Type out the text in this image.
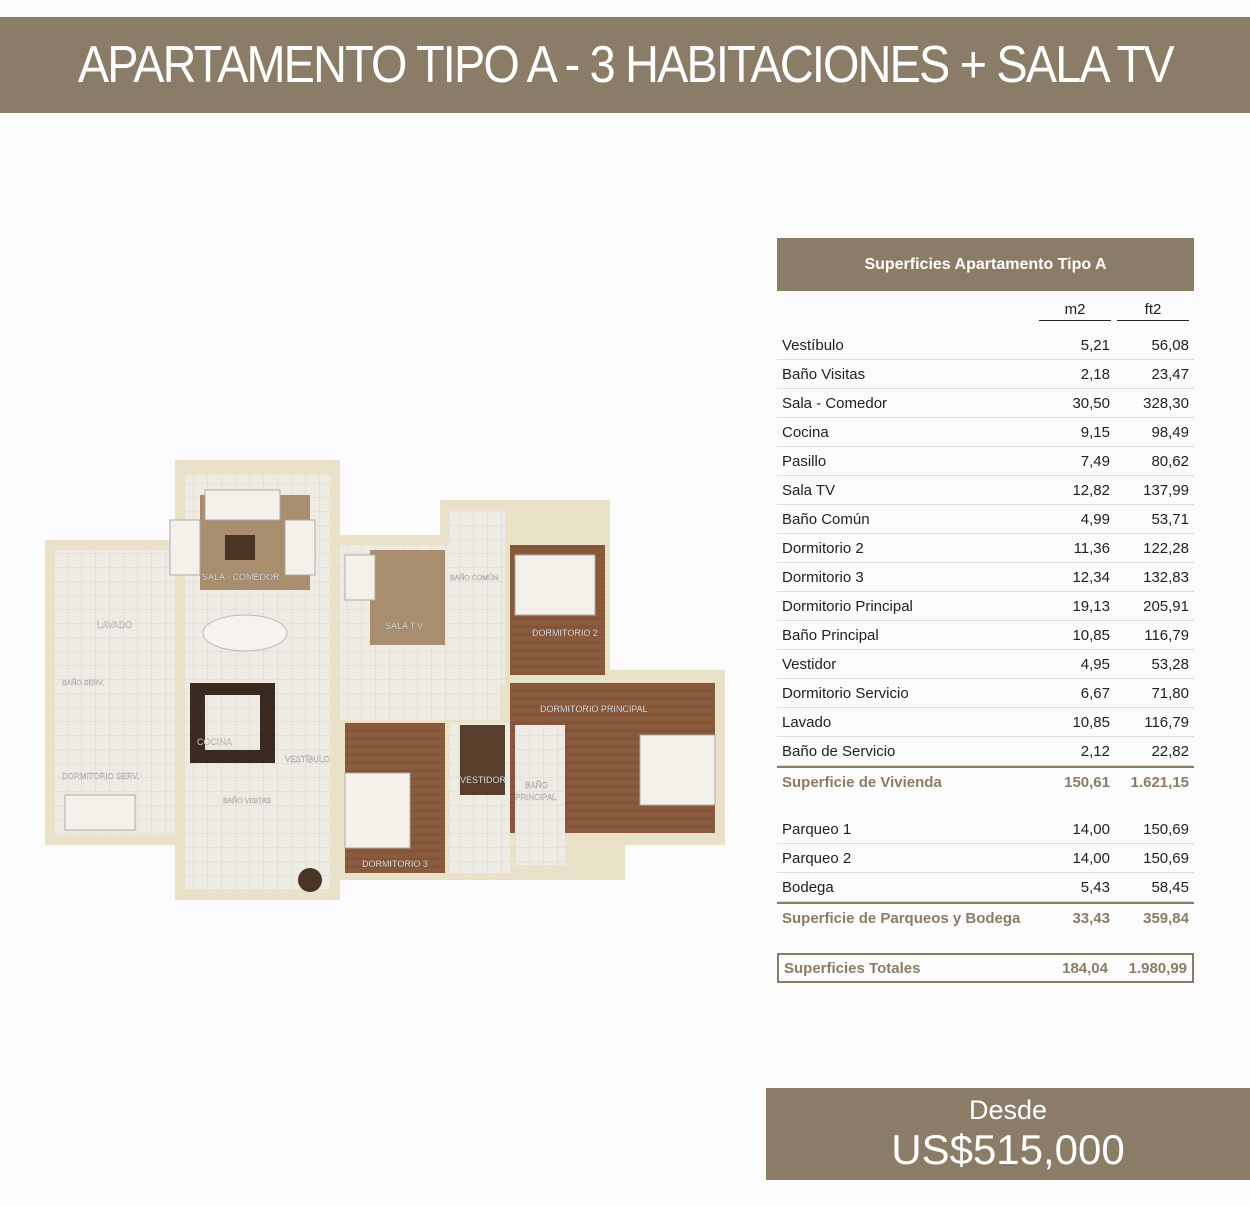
APARTAMENTO TIPO A - 3 HABITACIONES + SALA TV
SALA - COMEDOR
LAVADO
BAÑO SERV.
COCINA
DORMITORIO SERV.
BAÑO VISITAS
VESTÍBULO
SALA T.V
BAÑO COMÚN
DORMITORIO 2
DORMITORIO PRINCIPAL
DORMITORIO 3
VESTIDOR
BAÑO
PRINCIPAL
Superficies Apartamento Tipo A
m2	ft2
Vestíbulo	5,21	56,08
Baño Visitas	2,18	23,47
Sala - Comedor	30,50 328,30
Cocina	9,15	98,49
Pasillo	7,49	80,62
Sala TV	12,82 137,99
Baño Común	4,99	53,71
Dormitorio 2	11,36 122,28
Dormitorio 3	12,34 132,83
Dormitorio Principal	19,13 205,91
Baño Principal	10,85 116,79
Vestidor	4,95	53,28
Dormitorio Servicio	6,67	71,80
Lavado	10,85 116,79
Baño de Servicio	2,12	22,82
Superficie de Vivienda	150,61 1.621,15
Parqueo 1	14,00 150,69
Parqueo 2	14,00 150,69
Bodega	5,43	58,45
Superficie de Parqueos y Bodega	33,43 359,84
Superficies Totales	184,04 1.980,99
Desde
US$515,000
